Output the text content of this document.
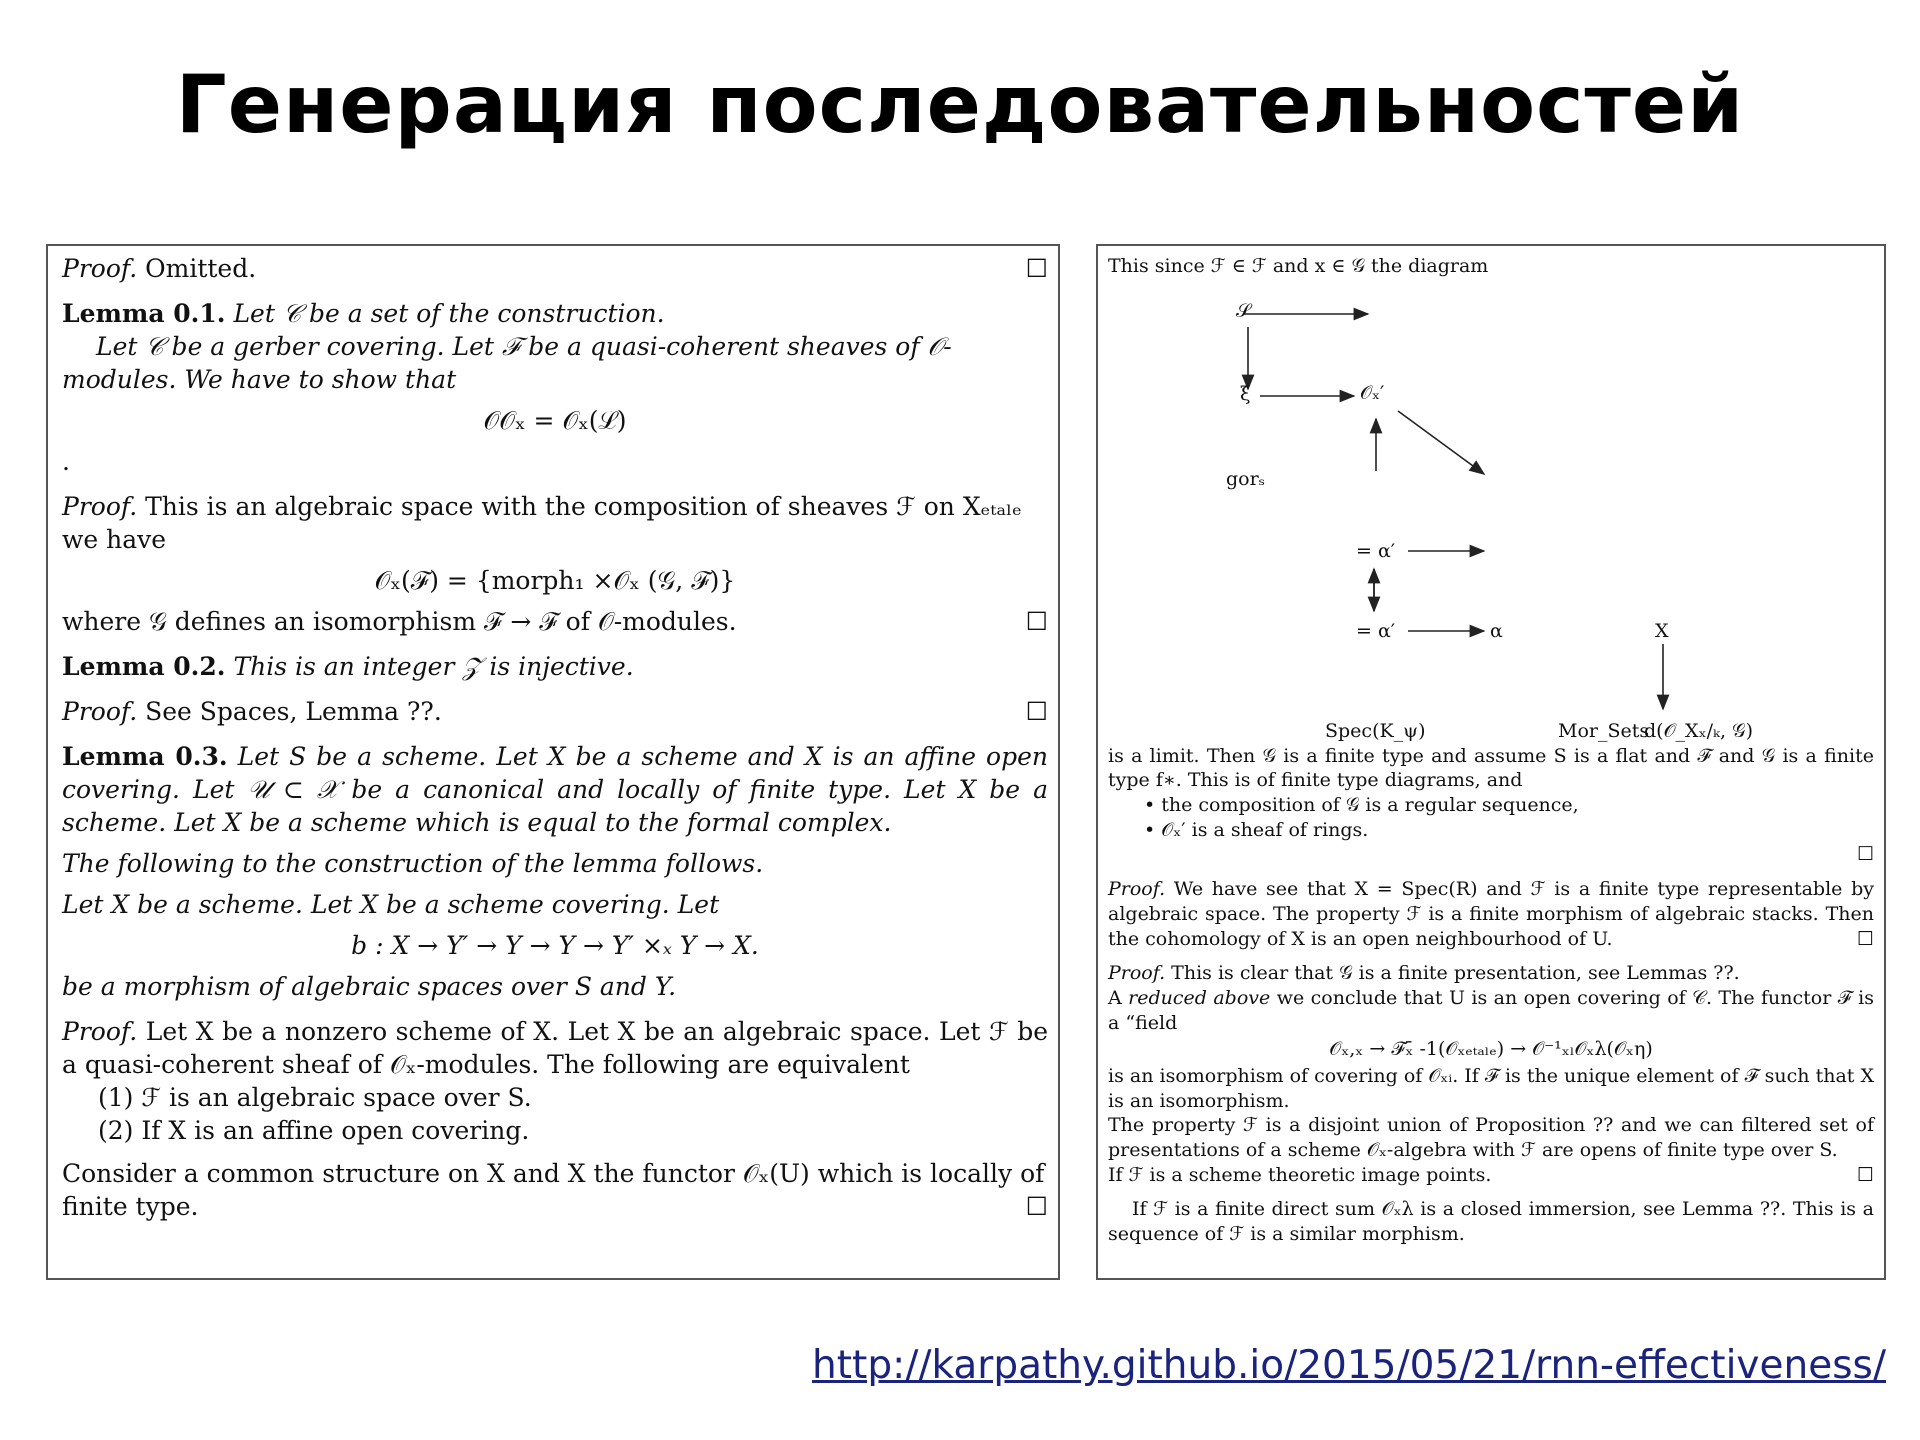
Генерация последовательностей
Proof. Omitted.	☐
Lemma 0.1. Let 𝒞 be a set of the construction.
Let 𝒞 be a gerber covering. Let ℱ be a quasi-coherent sheaves of 𝒪-modules. We have to show that
𝒪𝒪ₓ = 𝒪ₓ(ℒ)
.
Proof. This is an algebraic space with the composition of sheaves ℱ on Xₑₜₐₗₑ we have
𝒪ₓ(ℱ) = {morph₁ ×𝒪ₓ (𝒢, ℱ)}
where 𝒢 defines an isomorphism ℱ → ℱ of 𝒪-modules.	☐
Lemma 0.2. This is an integer 𝒵 is injective.
Proof. See Spaces, Lemma ??.	☐
Lemma 0.3. Let S be a scheme. Let X be a scheme and X is an affine open covering. Let 𝒰 ⊂ 𝒳 be a canonical and locally of finite type. Let X be a scheme. Let X be a scheme which is equal to the formal complex.
The following to the construction of the lemma follows.
Let X be a scheme. Let X be a scheme covering. Let
b : X → Y′ → Y → Y → Y′ ×ₓ Y → X.
be a morphism of algebraic spaces over S and Y.
Proof. Let X be a nonzero scheme of X. Let X be an algebraic space. Let ℱ be a quasi-coherent sheaf of 𝒪ₓ-modules. The following are equivalent
(1) ℱ is an algebraic space over S.
(2) If X is an affine open covering.
Consider a common structure on X and X the functor 𝒪ₓ(U) which is locally of finite type.	☐
This since ℱ ∈ ℱ and x ∈ 𝒢 the diagram
𝒮
ξ	𝒪ₓ′
gorₛ
= α′
= α′	α	X
Spec(K_ψ)	Mor_Sets
d(𝒪_Xₓ/ₖ, 𝒢)
is a limit. Then 𝒢 is a finite type and assume S is a flat and ℱ and 𝒢 is a finite type f∗. This is of finite type diagrams, and
• the composition of 𝒢 is a regular sequence,
• 𝒪ₓ′ is a sheaf of rings.
☐
Proof. We have see that X = Spec(R) and ℱ is a finite type representable by algebraic space. The property ℱ is a finite morphism of algebraic stacks. Then the cohomology of X is an open neighbourhood of U.	☐
Proof. This is clear that 𝒢 is a finite presentation, see Lemmas ??.
A reduced above we conclude that U is an open covering of 𝒞. The functor ℱ is a “field
𝒪ₓ,ₓ → ℱₓ̄ -1(𝒪ₓₑₜₐₗₑ) → 𝒪⁻¹ₓₗ𝒪ₓλ(𝒪ₓη)
is an isomorphism of covering of 𝒪ₓᵢ. If ℱ is the unique element of ℱ such that X is an isomorphism.
The property ℱ is a disjoint union of Proposition ?? and we can filtered set of presentations of a scheme 𝒪ₓ-algebra with ℱ are opens of finite type over S.
If ℱ is a scheme theoretic image points.	☐
If ℱ is a finite direct sum 𝒪ₓλ is a closed immersion, see Lemma ??. This is a sequence of ℱ is a similar morphism.
http://karpathy.github.io/2015/05/21/rnn-effectiveness/
